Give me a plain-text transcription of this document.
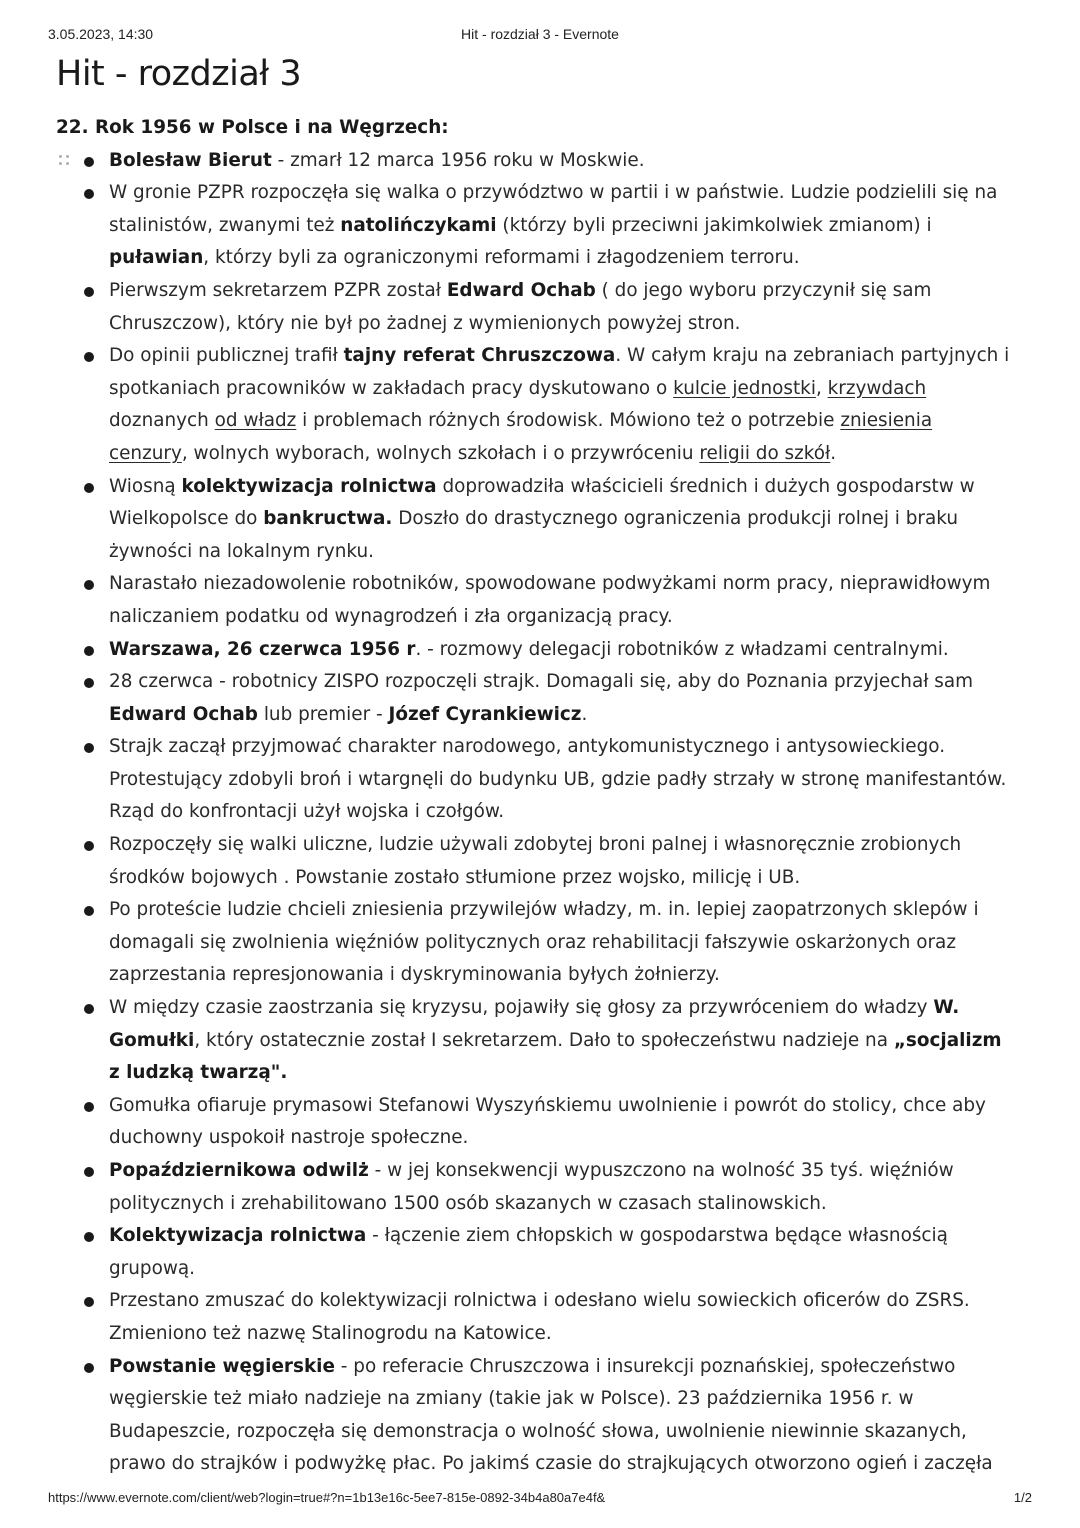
3.05.2023, 14:30	Hit - rozdział 3 - Evernote
Hit - rozdział 3

22. Rok 1956 w Polsce i na Węgrzech:

Bolesław Bierut - zmarł 12 marca 1956 roku w Moskwie.
W gronie PZPR rozpoczęła się walka o przywództwo w partii i w państwie. Ludzie podzielili się na stalinistów, zwanymi też natolińczykami (którzy byli przeciwni jakimkolwiek zmianom) i puławian, którzy byli za ograniczonymi reformami i złagodzeniem terroru.
Pierwszym sekretarzem PZPR został Edward Ochab ( do jego wyboru przyczynił się sam Chruszczow), który nie był po żadnej z wymienionych powyżej stron.
Do opinii publicznej trafił tajny referat Chruszczowa. W całym kraju na zebraniach partyjnych i spotkaniach pracowników w zakładach pracy dyskutowano o kulcie jednostki, krzywdach doznanych od władz i problemach różnych środowisk. Mówiono też o potrzebie zniesienia cenzury, wolnych wyborach, wolnych szkołach i o przywróceniu religii do szkół.
Wiosną kolektywizacja rolnictwa doprowadziła właścicieli średnich i dużych gospodarstw w Wielkopolsce do bankructwa. Doszło do drastycznego ograniczenia produkcji rolnej i braku żywności na lokalnym rynku.
Narastało niezadowolenie robotników, spowodowane podwyżkami norm pracy, nieprawidłowym naliczaniem podatku od wynagrodzeń i zła organizacją pracy.
Warszawa, 26 czerwca 1956 r. - rozmowy delegacji robotników z władzami centralnymi.
28 czerwca - robotnicy ZISPO rozpoczęli strajk. Domagali się, aby do Poznania przyjechał sam Edward Ochab lub premier - Józef Cyrankiewicz.
Strajk zaczął przyjmować charakter narodowego, antykomunistycznego i antysowieckiego. Protestujący zdobyli broń i wtargnęli do budynku UB, gdzie padły strzały w stronę manifestantów. Rząd do konfrontacji użył wojska i czołgów.
Rozpoczęły się walki uliczne, ludzie używali zdobytej broni palnej i własnoręcznie zrobionych środków bojowych . Powstanie zostało stłumione przez wojsko, milicję i UB.
Po proteście ludzie chcieli zniesienia przywilejów władzy, m. in. lepiej zaopatrzonych sklepów i domagali się zwolnienia więźniów politycznych oraz rehabilitacji fałszywie oskarżonych oraz zaprzestania represjonowania i dyskryminowania byłych żołnierzy.
W między czasie zaostrzania się kryzysu, pojawiły się głosy za przywróceniem do władzy W. Gomułki, który ostatecznie został I sekretarzem. Dało to społeczeństwu nadzieje na „socjalizm z ludzką twarzą".
Gomułka ofiaruje prymasowi Stefanowi Wyszyńskiemu uwolnienie i powrót do stolicy, chce aby duchowny uspokoił nastroje społeczne.
Popaździernikowa odwilż - w jej konsekwencji wypuszczono na wolność 35 tyś. więźniów politycznych i zrehabilitowano 1500 osób skazanych w czasach stalinowskich.
Kolektywizacja rolnictwa - łączenie ziem chłopskich w gospodarstwa będące własnością grupową.
Przestano zmuszać do kolektywizacji rolnictwa i odesłano wielu sowieckich oficerów do ZSRS. Zmieniono też nazwę Stalinogrodu na Katowice.
Powstanie węgierskie - po referacie Chruszczowa i insurekcji poznańskiej, społeczeństwo węgierskie też miało nadzieje na zmiany (takie jak w Polsce). 23 października 1956 r. w Budapeszcie, rozpoczęła się demonstracja o wolność słowa, uwolnienie niewinnie skazanych, prawo do strajków i podwyżkę płac. Po jakimś czasie do strajkujących otworzono ogień i zaczęła
https://www.evernote.com/client/web?login=true#?n=1b13e16c-5ee7-815e-0892-34b4a80a7e4f&	1/2
